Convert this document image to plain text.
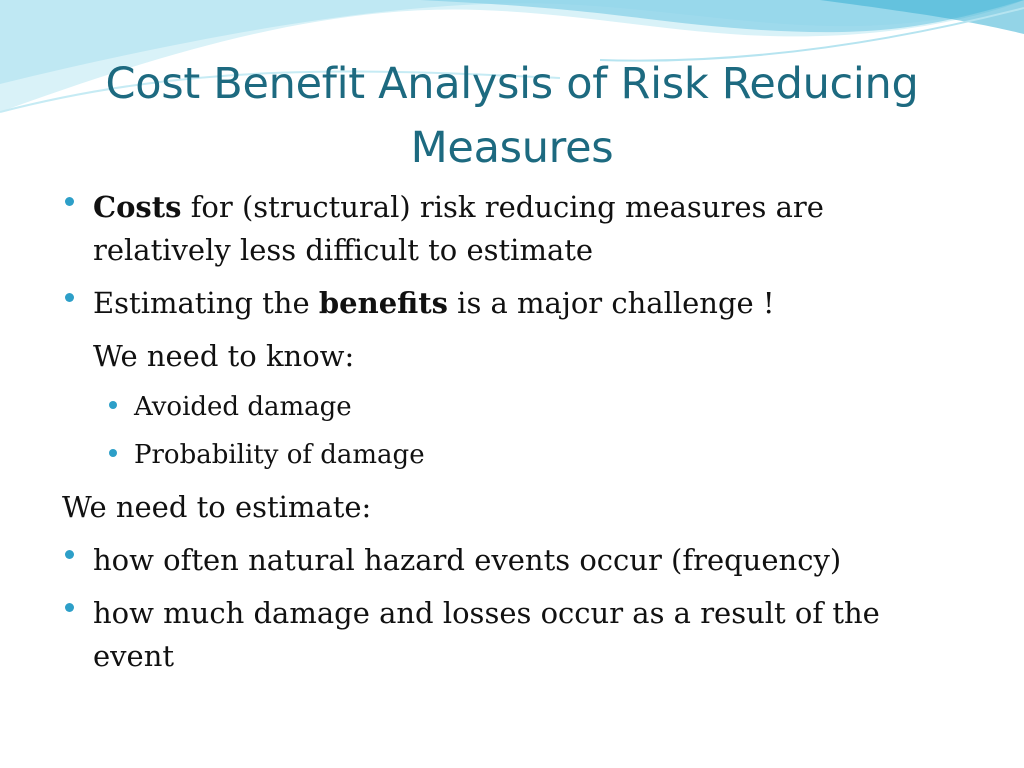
Cost Benefit Analysis of Risk Reducing Measures
Costs for (structural) risk reducing measures are relatively less difficult to estimate
Estimating the benefits is a major challenge !
We need to know:
Avoided damage
Probability of damage
We need to estimate:
how often natural hazard events occur (frequency)
how much damage and losses occur as a result of the event
